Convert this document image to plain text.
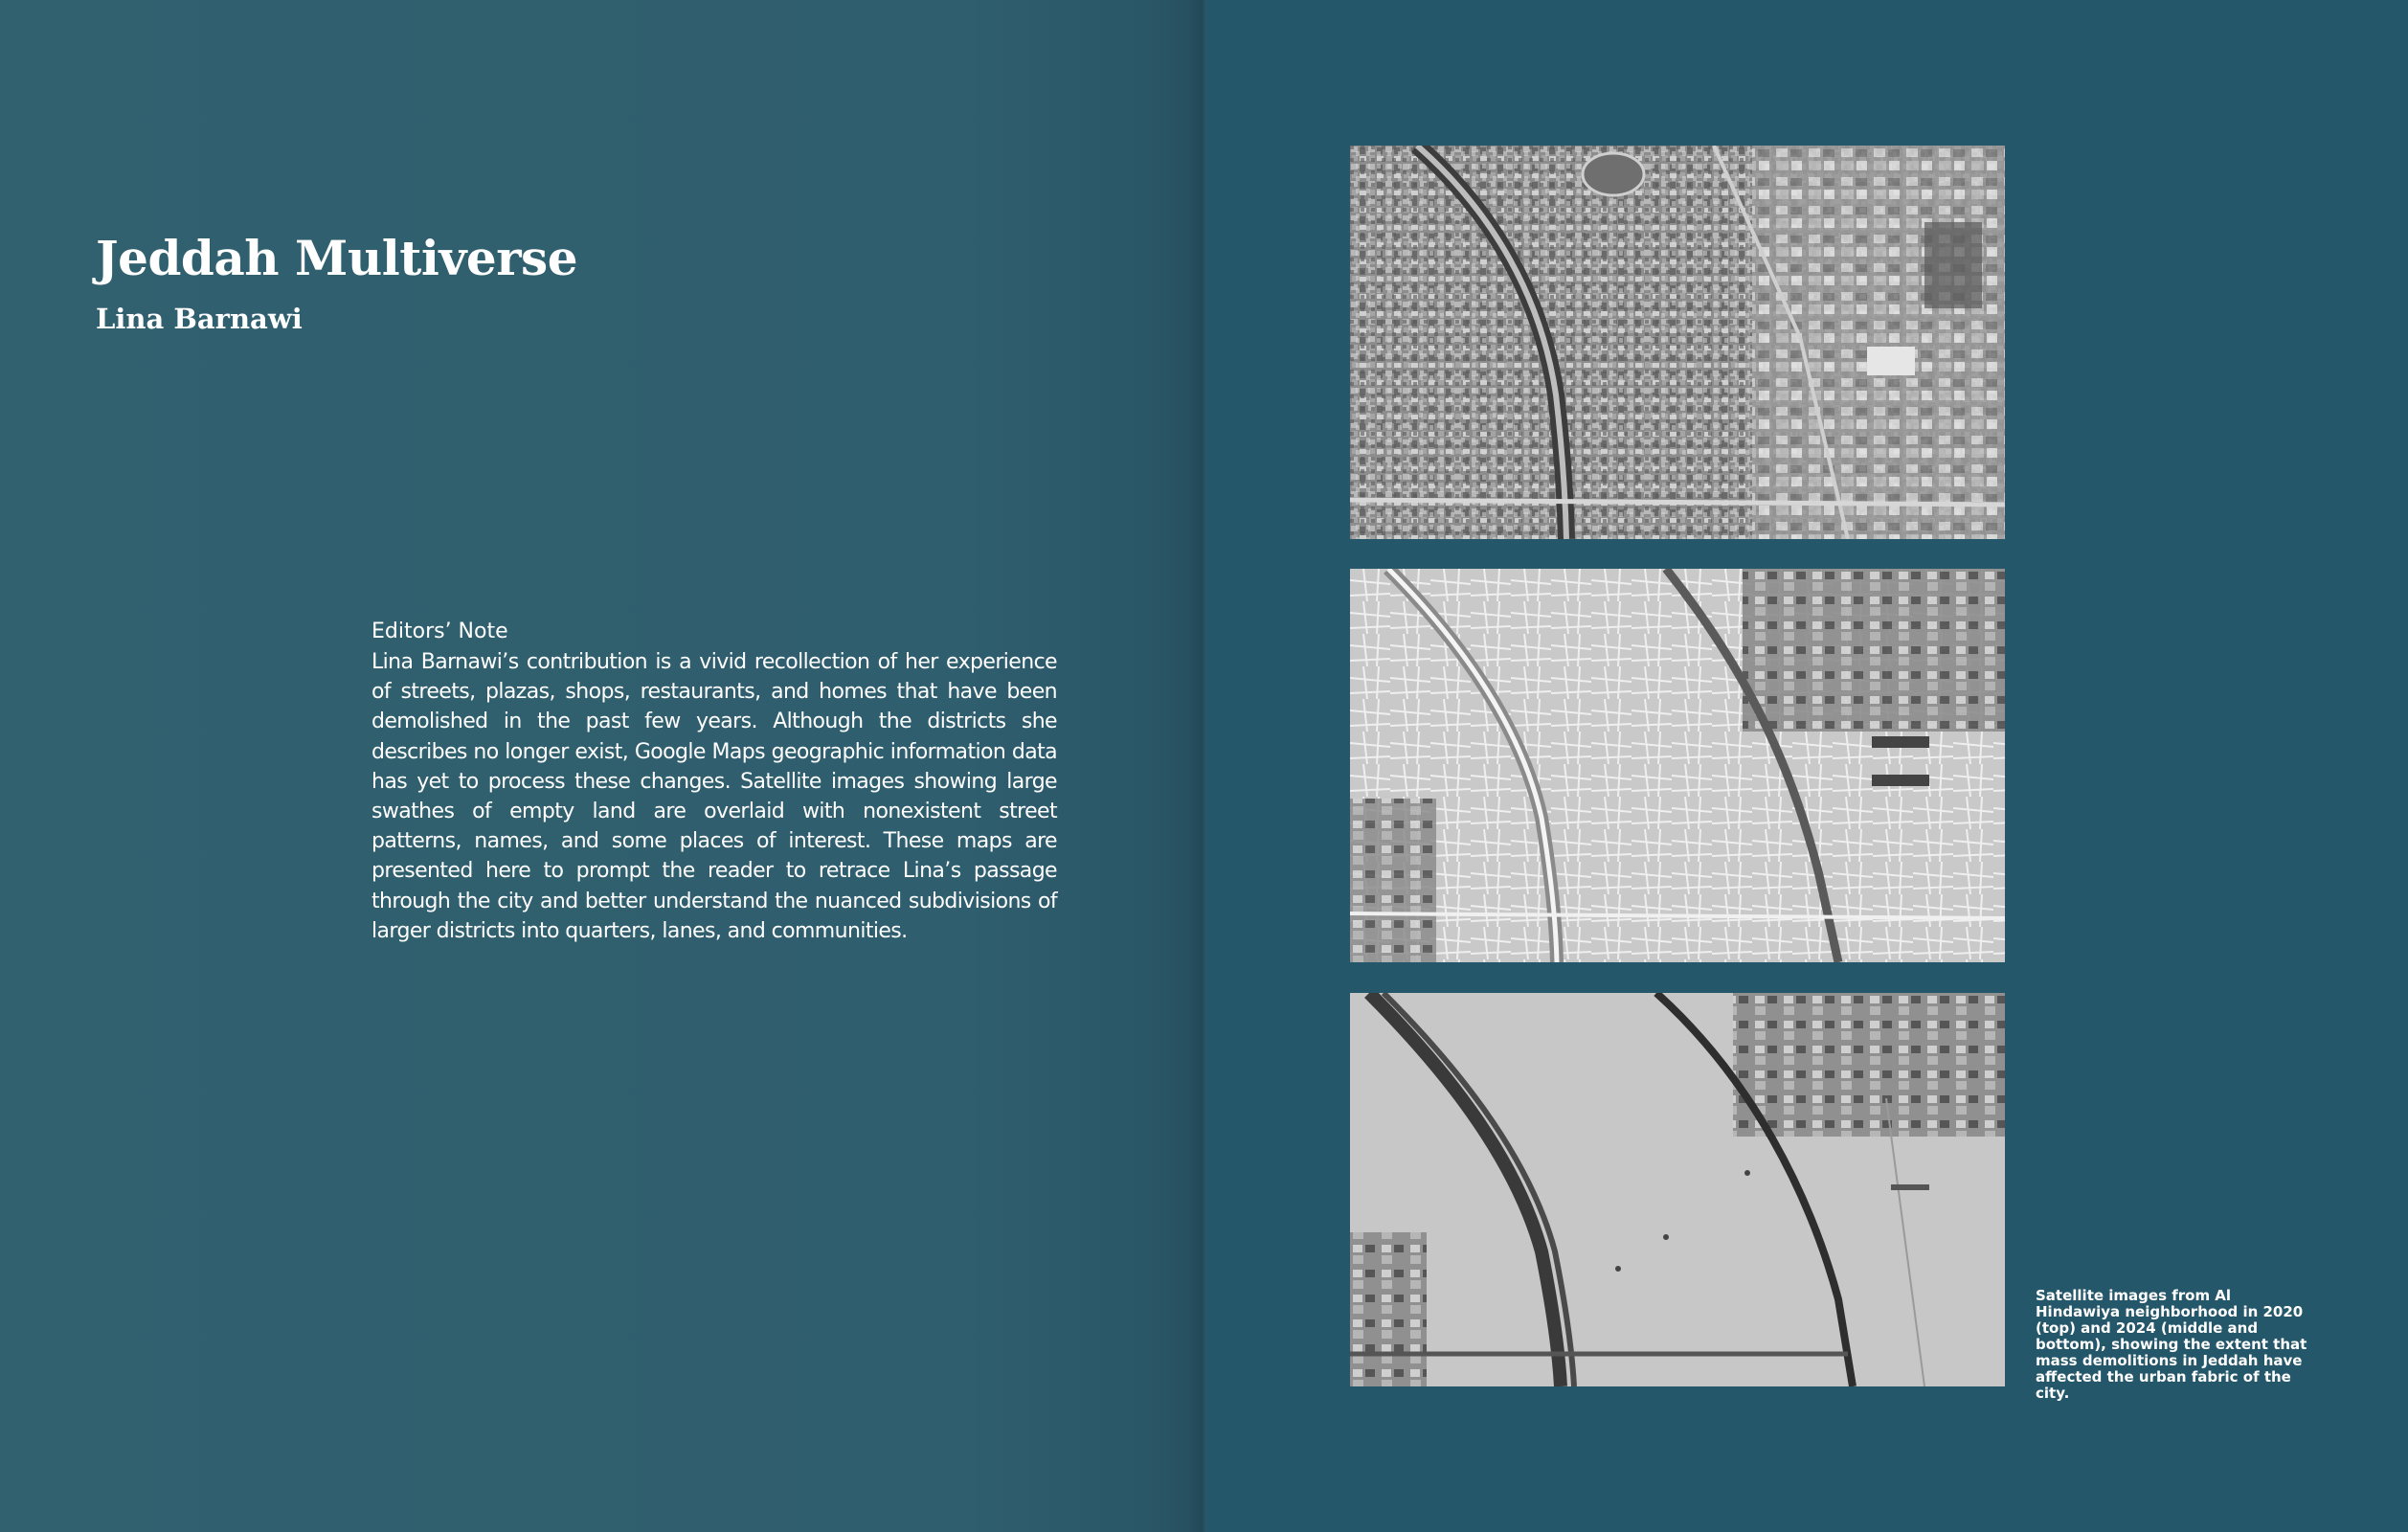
Jeddah Multiverse
Lina Barnawi

Editors’ Note

Lina Barnawi’s contribution is a vivid recollection of her experience of streets, plazas, shops, restaurants, and homes that have been demolished in the past few years. Although the districts she describes no longer exist, Google Maps geographic information data has yet to process these changes. Satellite images showing large swathes of empty land are overlaid with nonexistent street patterns, names, and some places of interest. These maps are presented here to prompt the reader to retrace Lina’s passage through the city and better understand the nuanced subdivisions of larger districts into quarters, lanes, and communities.

Satellite images from Al Hindawiya neighborhood in 2020 (top) and 2024 (middle and bottom), showing the extent that mass demolitions in Jeddah have affected the urban fabric of the city.
